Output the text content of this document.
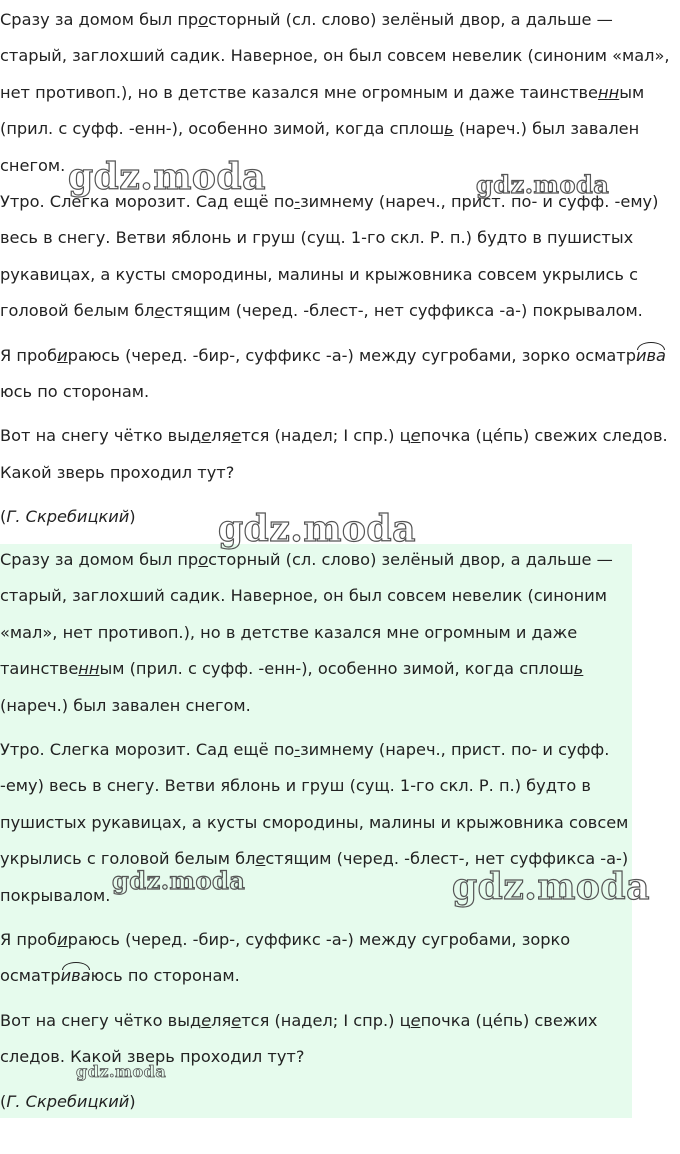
Сразу за домом был просторный (сл. слово) зелёный двор, а дальше —

старый, заглохший садик. Наверное, он был совсем невелик (синоним «мал»,

нет противоп.), но в детстве казался мне огромным и даже таинственным

(прил. с суфф. -енн-), особенно зимой, когда сплошь (нареч.) был завален

снегом.

Утро. Слегка морозит. Сад ещё по-зимнему (нареч., прист. по- и суфф. -ему)

весь в снегу. Ветви яблонь и груш (сущ. 1-го скл. Р. п.) будто в пушистых

рукавицах, а кусты смородины, малины и крыжовника совсем укрылись с

головой белым блестящим (черед. -блест-, нет суффикса -а-) покрывалом.

Я пробираюсь (черед. -бир-, суффикс -а-) между сугробами, зорко осматрива

юсь по сторонам.

Вот на снегу чётко выделяется (надел; I спр.) цепочка (це́пь) свежих следов.

Какой зверь проходил тут?

(Г. Скребицкий)

Сразу за домом был просторный (сл. слово) зелёный двор, а дальше —

старый, заглохший садик. Наверное, он был совсем невелик (синоним

«мал», нет противоп.), но в детстве казался мне огромным и даже

таинственным (прил. с суфф. -енн-), особенно зимой, когда сплошь

(нареч.) был завален снегом.

Утро. Слегка морозит. Сад ещё по-зимнему (нареч., прист. по- и суфф.

-ему) весь в снегу. Ветви яблонь и груш (сущ. 1-го скл. Р. п.) будто в

пушистых рукавицах, а кусты смородины, малины и крыжовника совсем

укрылись с головой белым блестящим (черед. -блест-, нет суффикса -а-)

покрывалом.

Я пробираюсь (черед. -бир-, суффикс -а-) между сугробами, зорко

осматриваюсь по сторонам.

Вот на снегу чётко выделяется (надел; I спр.) цепочка (це́пь) свежих

следов. Какой зверь проходил тут?

(Г. Скребицкий)

gdz.moda	gdz.moda
gdz.moda
gdz.moda	gdz.moda
gdz.moda
